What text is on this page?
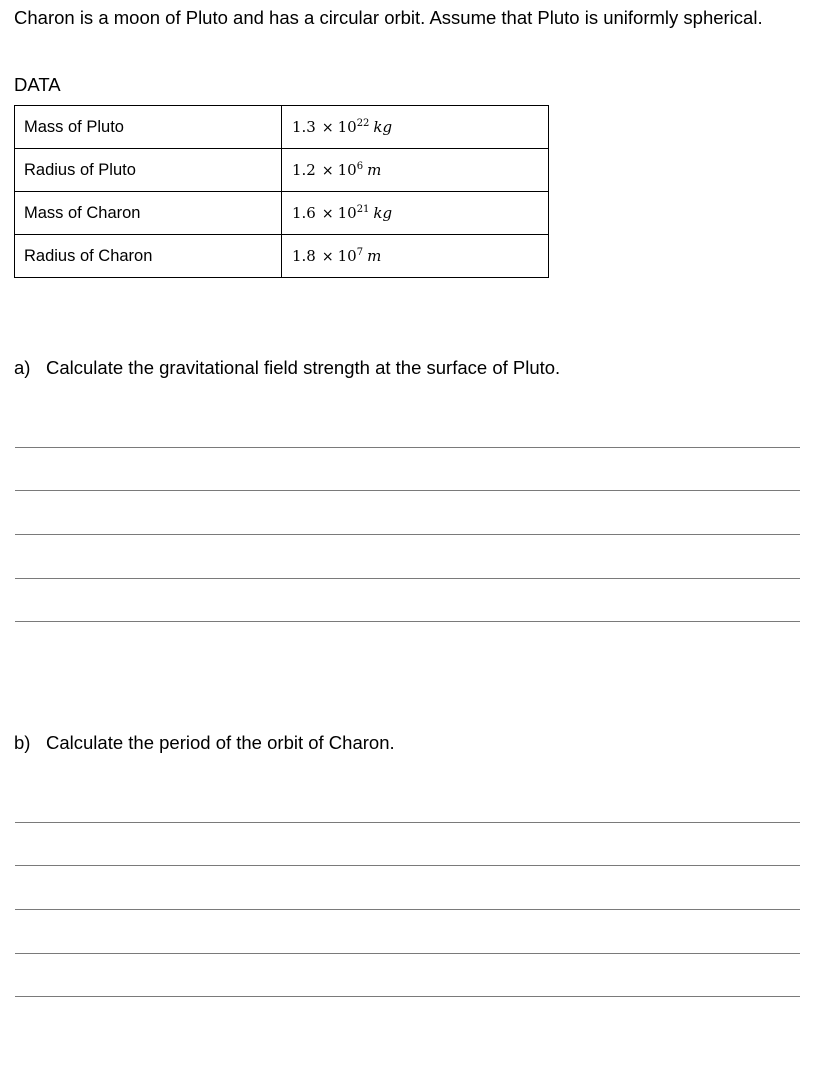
Charon is a moon of Pluto and has a circular orbit. Assume that Pluto is uniformly spherical.
DATA
Mass of Pluto	$1.3 \times 10^{22}$ kg
Radius of Pluto	$1.2 \times 10^6$ m
Mass of Charon	$1.6 \times 10^{21}$ kg
Radius of Charon	$1.8 \times 10^7$ m
a) Calculate the gravitational field strength at the surface of Pluto.
b) Calculate the period of the orbit of Charon.
